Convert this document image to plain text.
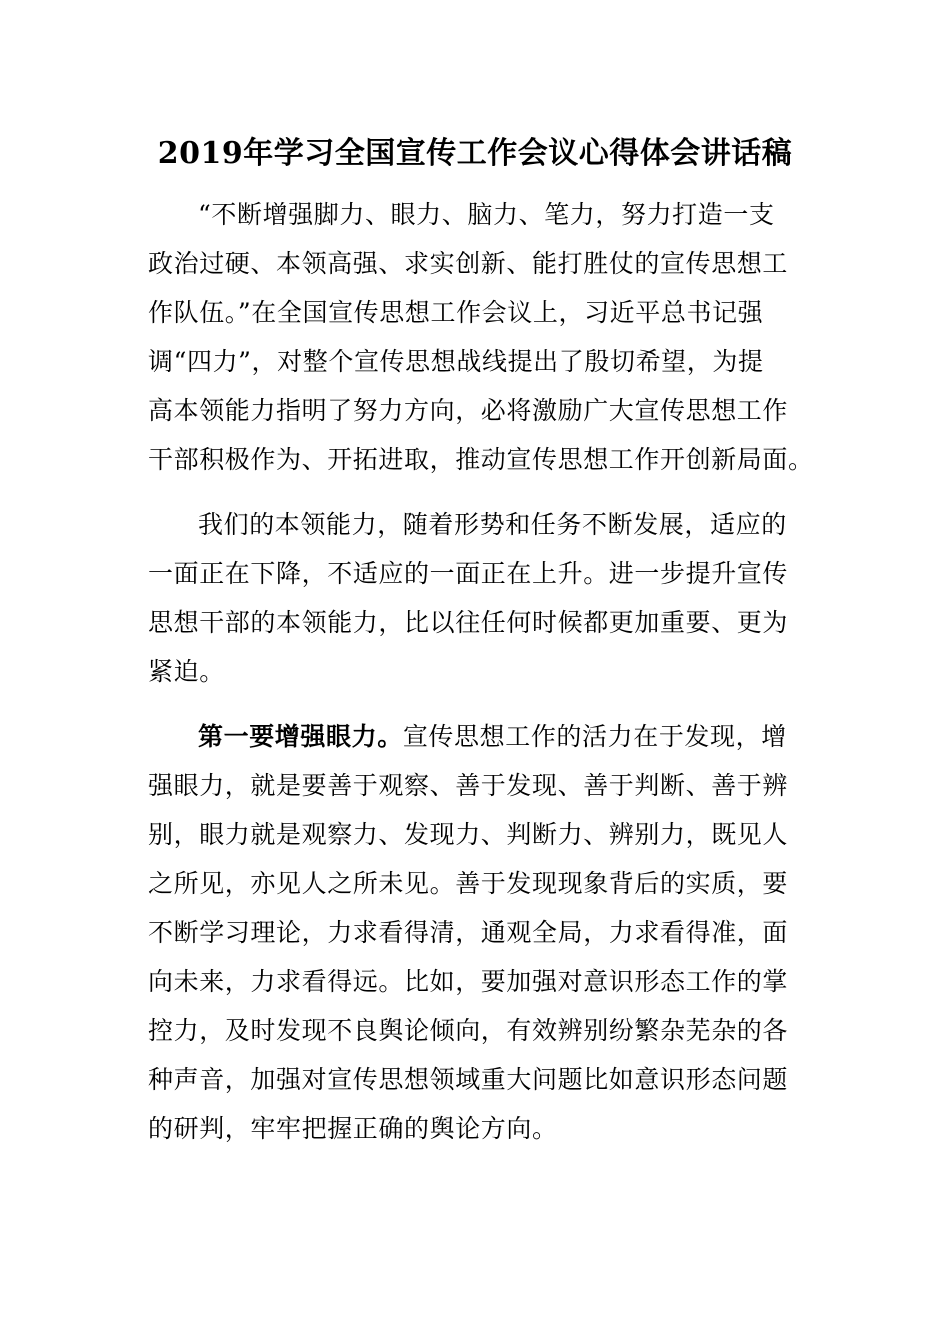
2019年学习全国宣传工作会议心得体会讲话稿
“不断增强脚力、眼力、脑力、笔力，努力打造一支
政治过硬、本领高强、求实创新、能打胜仗的宣传思想工
作队伍。”在全国宣传思想工作会议上，习近平总书记强
调“四力”，对整个宣传思想战线提出了殷切希望，为提
高本领能力指明了努力方向，必将激励广大宣传思想工作
干部积极作为、开拓进取，推动宣传思想工作开创新局面。
我们的本领能力，随着形势和任务不断发展，适应的
一面正在下降，不适应的一面正在上升。进一步提升宣传
思想干部的本领能力，比以往任何时候都更加重要、更为
紧迫。
第一要增强眼力。宣传思想工作的活力在于发现，增
强眼力，就是要善于观察、善于发现、善于判断、善于辨
别，眼力就是观察力、发现力、判断力、辨别力，既见人
之所见，亦见人之所未见。善于发现现象背后的实质，要
不断学习理论，力求看得清，通观全局，力求看得准，面
向未来，力求看得远。比如，要加强对意识形态工作的掌
控力，及时发现不良舆论倾向，有效辨别纷繁杂芜杂的各
种声音，加强对宣传思想领域重大问题比如意识形态问题
的研判，牢牢把握正确的舆论方向。
